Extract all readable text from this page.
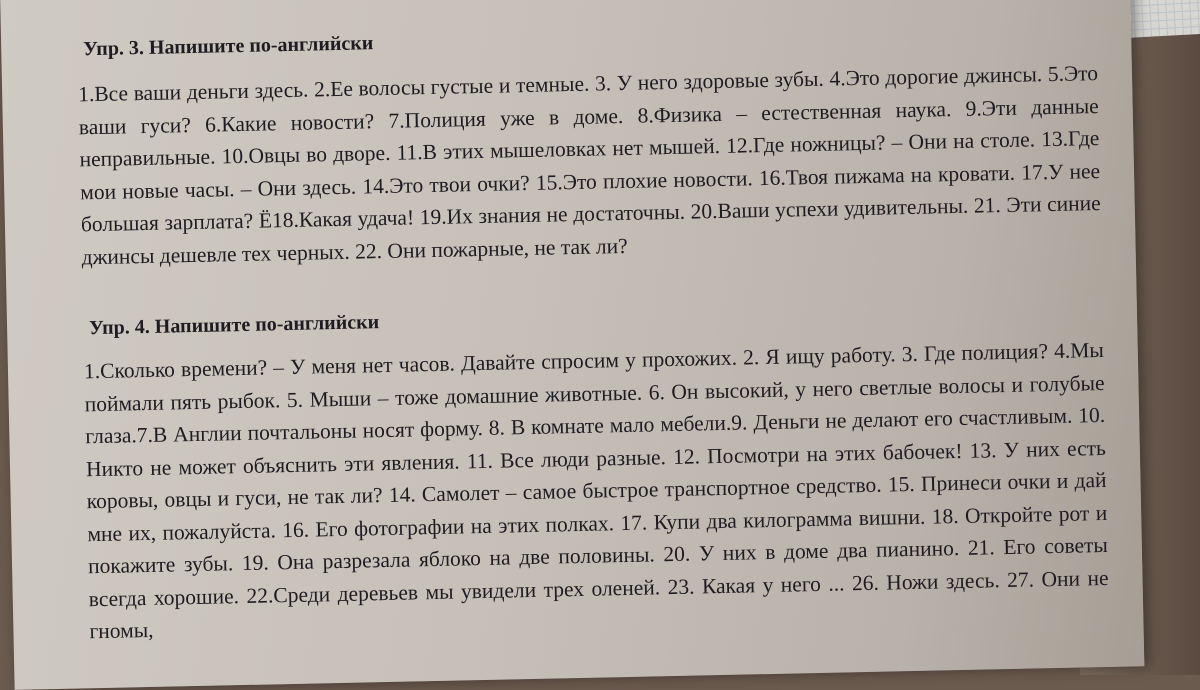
Упр. 3. Напишите по-английски

1.Все ваши деньги здесь. 2.Ее волосы густые и темные. 3. У него здоровые зубы. 4.Это дорогие джинсы. 5.Это ваши гуси? 6.Какие новости? 7.Полиция уже в доме. 8.Физика – естественная наука. 9.Эти данные неправильные. 10.Овцы во дворе. 11.В этих мышеловках нет мышей. 12.Где ножницы? – Они на столе. 13.Где мои новые часы. – Они здесь. 14.Это твои очки? 15.Это плохие новости. 16.Твоя пижама на кровати. 17.У нее большая зарплата? Ё18.Какая удача! 19.Их знания не достаточны. 20.Ваши успехи удивительны. 21. Эти синие джинсы дешевле тех черных. 22. Они пожарные, не так ли?

Упр. 4. Напишите по-английски

1.Сколько времени? – У меня нет часов. Давайте спросим у прохожих. 2. Я ищу работу. 3. Где полиция? 4.Мы поймали пять рыбок. 5. Мыши – тоже домашние животные. 6. Он высокий, у него светлые волосы и голубые глаза.7.В Англии почтальоны носят форму. 8. В комнате мало мебели.9. Деньги не делают его счастливым. 10. Никто не может объяснить эти явления. 11. Все люди разные. 12. Посмотри на этих бабочек! 13. У них есть коровы, овцы и гуси, не так ли? 14. Самолет – самое быстрое транспортное средство. 15. Принеси очки и дай мне их, пожалуйста. 16. Его фотографии на этих полках. 17. Купи два килограмма вишни. 18. Откройте рот и покажите зубы. 19. Она разрезала яблоко на две половины. 20. У них в доме два пианино. 21. Его советы всегда хорошие. 22.Среди деревьев мы увидели трех оленей. 23. Какая у него ... 26. Ножи здесь. 27. Они не гномы,
